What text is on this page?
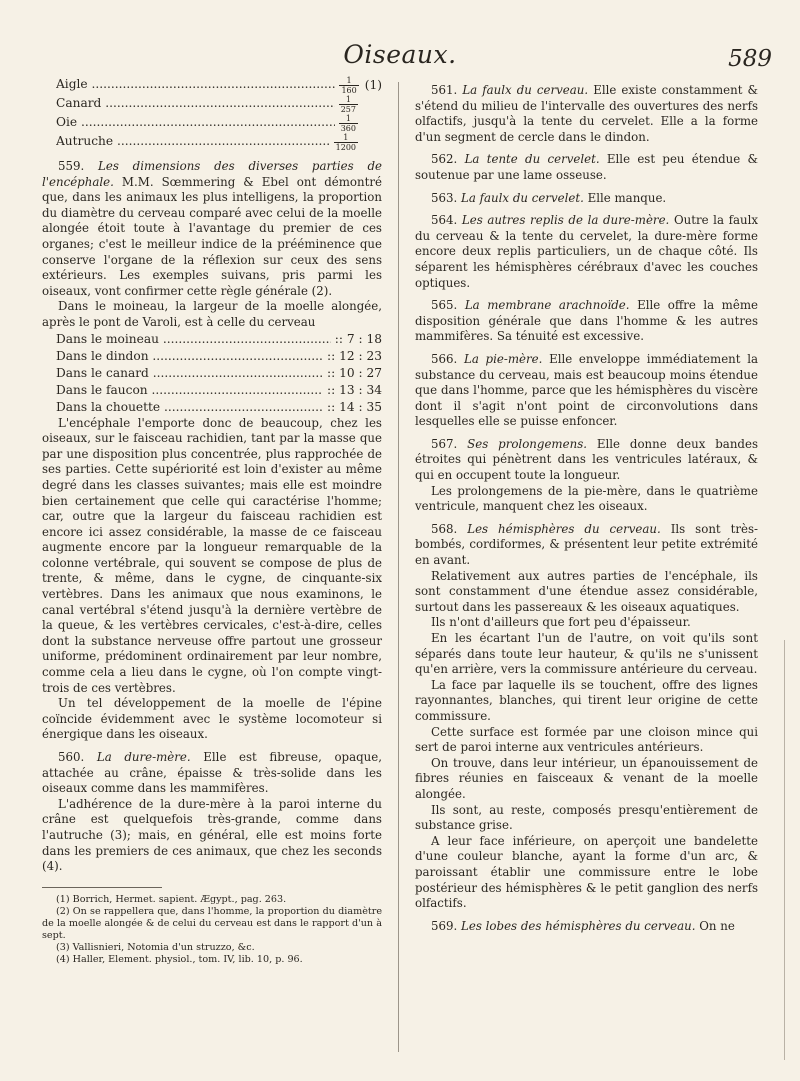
Oiseaux.	589
Aigle .....	$\frac{1}{160} (1)$
Canard .....	$\frac{1}{257}$
Oie .....	$\frac{1}{360}$
Autruche .....	$\frac{1}{1200}$

559. Les dimensions des diverses parties de l'encéphale. M.M. Sœmmering & Ebel ont démontré que, dans les animaux les plus intelligens, la proportion du diamètre du cerveau comparé avec celui de la moelle alongée étoit toute à l'avantage du premier de ces organes; c'est le meilleur indice de la prééminence que conserve l'organe de la réflexion sur ceux des sens extérieurs. Les exemples suivans, pris parmi les oiseaux, vont confirmer cette règle générale (2).

Dans le moineau, la largeur de la moelle alongée, après le pont de Varoli, est à celle du cerveau

Dans le moineau .....	:: 7 : 18
Dans le dindon .....	:: 12 : 23
Dans le canard .....	:: 10 : 27
Dans le faucon .....	:: 13 : 34
Dans la chouette .....	:: 14 : 35

L'encéphale l'emporte donc de beaucoup, chez les oiseaux, sur le faisceau rachidien, tant par la masse que par une disposition plus concentrée, plus rapprochée de ses parties. Cette supériorité est loin d'exister au même degré dans les classes suivantes; mais elle est moindre bien certainement que celle qui caractérise l'homme; car, outre que la largeur du faisceau rachidien est encore ici assez considérable, la masse de ce faisceau augmente encore par la longueur remarquable de la colonne vertébrale, qui souvent se compose de plus de trente, & même, dans le cygne, de cinquante-six vertèbres. Dans les animaux que nous examinons, le canal vertébral s'étend jusqu'à la dernière vertèbre de la queue, & les vertèbres cervicales, c'est-à-dire, celles dont la substance nerveuse offre partout une grosseur uniforme, prédominent ordinairement par leur nombre, comme cela a lieu dans le cygne, où l'on compte vingt-trois de ces vertèbres.

Un tel développement de la moelle de l'épine coïncide évidemment avec le système locomoteur si énergique dans les oiseaux.

560. La dure-mère. Elle est fibreuse, opaque, attachée au crâne, épaisse & très-solide dans les oiseaux comme dans les mammifères.

L'adhérence de la dure-mère à la paroi interne du crâne est quelquefois très-grande, comme dans l'autruche (3); mais, en général, elle est moins forte dans les premiers de ces animaux, que chez les seconds (4).

(1) Borrich, Hermet. sapient. Ægypt., pag. 263.

(2) On se rappellera que, dans l'homme, la proportion du diamètre de la moelle alongée & de celui du cerveau est dans le rapport d'un à sept.

(3) Vallisnieri, Notomia d'un struzzo, &c.

(4) Haller, Element. physiol., tom. IV, lib. 10, p. 96.

561. La faulx du cerveau. Elle existe constamment & s'étend du milieu de l'intervalle des ouvertures des nerfs olfactifs, jusqu'à la tente du cervelet. Elle a la forme d'un segment de cercle dans le dindon.

562. La tente du cervelet. Elle est peu étendue & soutenue par une lame osseuse.

563. La faulx du cervelet. Elle manque.

564. Les autres replis de la dure-mère. Outre la faulx du cerveau & la tente du cervelet, la dure-mère forme encore deux replis particuliers, un de chaque côté. Ils séparent les hémisphères cérébraux d'avec les couches optiques.

565. La membrane arachnoïde. Elle offre la même disposition générale que dans l'homme & les autres mammifères. Sa ténuité est excessive.

566. La pie-mère. Elle enveloppe immédiatement la substance du cerveau, mais est beaucoup moins étendue que dans l'homme, parce que les hémisphères du viscère dont il s'agit n'ont point de circonvolutions dans lesquelles elle se puisse enfoncer.

567. Ses prolongemens. Elle donne deux bandes étroites qui pénètrent dans les ventricules latéraux, & qui en occupent toute la longueur.

Les prolongemens de la pie-mère, dans le quatrième ventricule, manquent chez les oiseaux.

568. Les hémisphères du cerveau. Ils sont très-bombés, cordiformes, & présentent leur petite extrémité en avant.

Relativement aux autres parties de l'encéphale, ils sont constamment d'une étendue assez considérable, surtout dans les passereaux & les oiseaux aquatiques.

Ils n'ont d'ailleurs que fort peu d'épaisseur.

En les écartant l'un de l'autre, on voit qu'ils sont séparés dans toute leur hauteur, & qu'ils ne s'unissent qu'en arrière, vers la commissure antérieure du cerveau.

La face par laquelle ils se touchent, offre des lignes rayonnantes, blanches, qui tirent leur origine de cette commissure.

Cette surface est formée par une cloison mince qui sert de paroi interne aux ventricules antérieurs.

On trouve, dans leur intérieur, un épanouissement de fibres réunies en faisceaux & venant de la moelle alongée.

Ils sont, au reste, composés presqu'entièrement de substance grise.

A leur face inférieure, on aperçoit une bandelette d'une couleur blanche, ayant la forme d'un arc, & paroissant établir une commissure entre le lobe postérieur des hémisphères & le petit ganglion des nerfs olfactifs.

569. Les lobes des hémisphères du cerveau. On ne
